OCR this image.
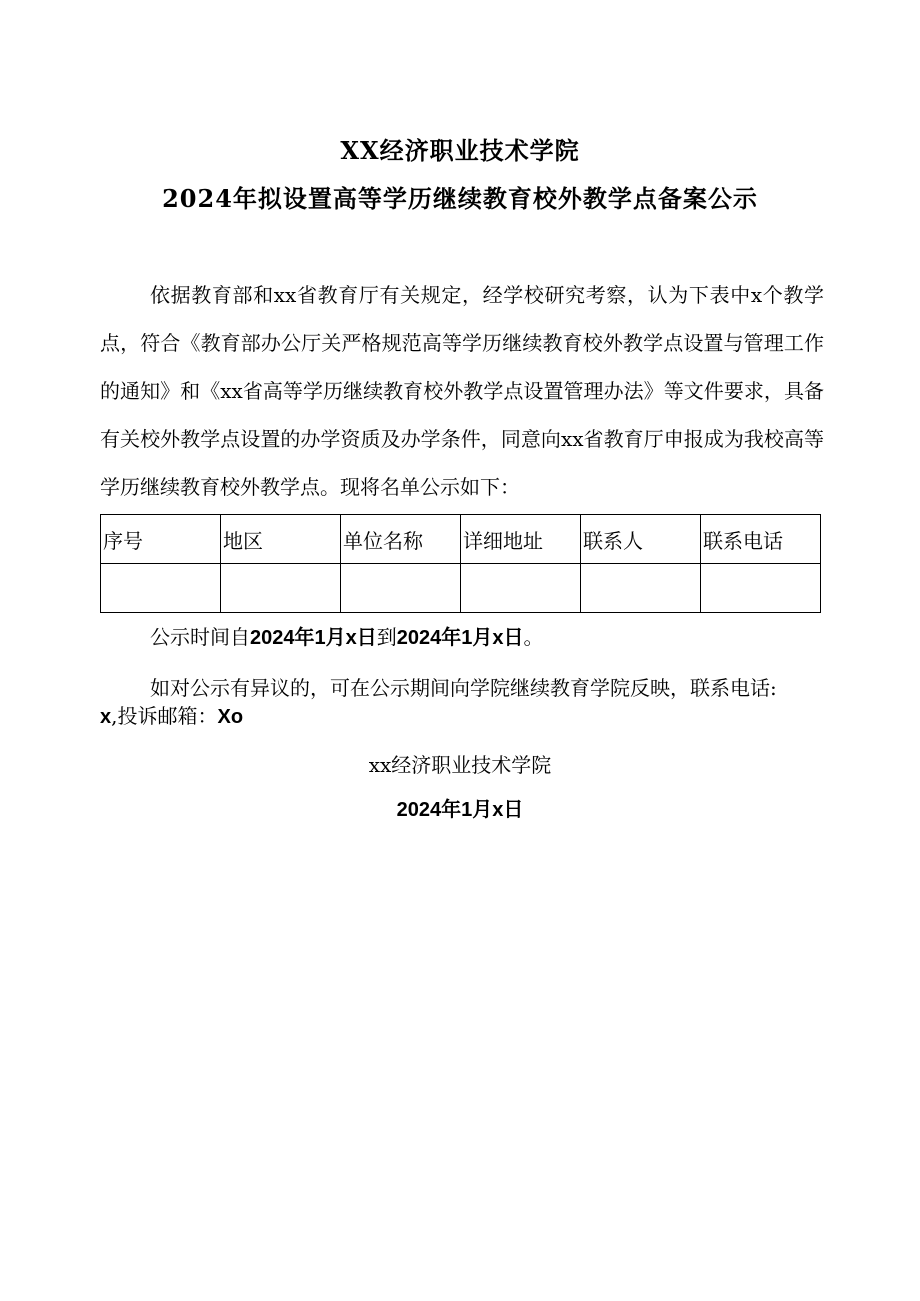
XX经济职业技术学院
2024年拟设置高等学历继续教育校外教学点备案公示
依据教育部和xx省教育厅有关规定，经学校研究考察，认为下表中x个教学点，符合《教育部办公厅关严格规范高等学历继续教育校外教学点设置与管理工作的通知》和《xx省高等学历继续教育校外教学点设置管理办法》等文件要求，具备有关校外教学点设置的办学资质及办学条件，同意向xx省教育厅申报成为我校高等学历继续教育校外教学点。现将名单公示如下：
序号	地区	单位名称	详细地址	联系人	联系电话

公示时间自2024年1月x日到2024年1月x日。
如对公示有异议的，可在公示期间向学院继续教育学院反映，联系电话:
x,投诉邮箱：Xo
xx经济职业技术学院
2024年1月x日
